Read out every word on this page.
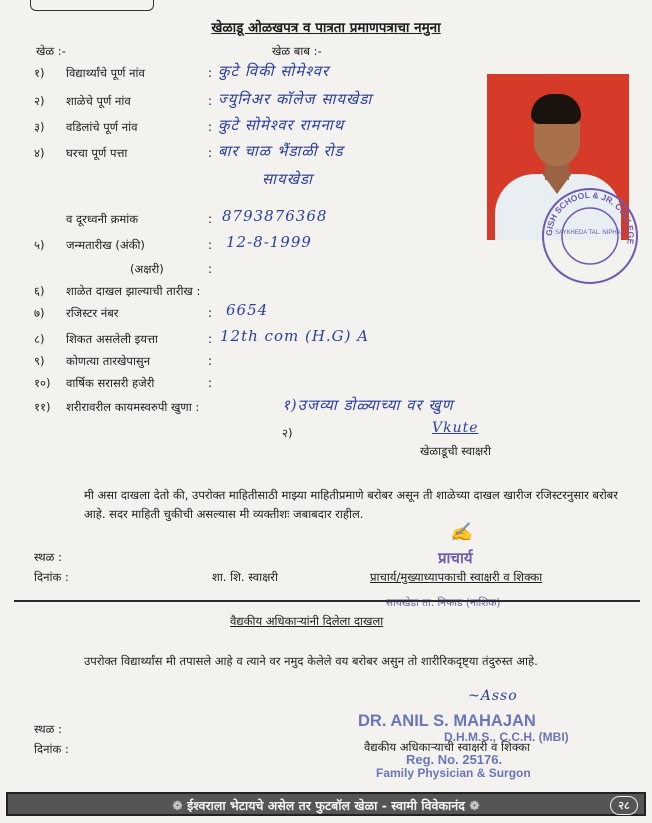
खेळाडू ओळखपत्र व पात्रता प्रमाणपत्राचा नमुना
खेळ :-	खेळ बाब :-
१) विद्यार्थ्यांचे पूर्ण नांव	: कुटे विकी सोमेश्वर
२) शाळेचे पूर्ण नांव	: ज्युनिअर कॉलेज सायखेडा
३) वडिलांचे पूर्ण नांव	: कुटे सोमेश्वर रामनाथ
४) घरचा पूर्ण पत्ता	: बार चाळ भैंडाळी रोड
सायखेडा
व दूरध्वनी क्रमांक	: 8793876368
५) जन्मतारीख (अंकी)	: 12-8-1999
(अक्षरी)	:
६) शाळेत दाखल झाल्याची तारीख :
७) रजिस्टर नंबर	: 6654
८) शिकत असलेली इयत्ता	: 12th com (H.G) A
९) कोणत्या तारखेपासुन	:
१०) वार्षिक सरासरी हजेरी	:
११) शरीरावरील कायमस्वरुपी खुणा :	१)उजव्या डोळ्याच्या वर खुण
२)
GISH SCHOOL & JR. COLLEGE
SAYKHEDA TAL. NIPHAD
Vkute
खेळाडूची स्वाक्षरी
मी असा दाखला देतो की, उपरोक्त माहितीसाठी माझ्या माहितीप्रमाणे बरोबर असून ती शाळेच्या दाखल खारीज रजिस्टरनुसार बरोबर आहे. सदर माहिती चुकीची असल्यास मी व्यक्तीशः जबाबदार राहील.
✍
प्राचार्य
स्थळ :
दिनांक :	शा. शि. स्वाक्षरी	प्राचार्य/मुख्याध्यापकाची स्वाक्षरी व शिक्का
सायखेडा ता. निफाड (नाशिक)
वैद्यकीय अधिकाऱ्यांनी दिलेला दाखला
उपरोक्त विद्यार्थ्यांस मी तपासले आहे व त्याने वर नमुद केलेले वय बरोबर असुन तो शारीरिकदृष्ट्या तंदुरुस्त आहे.
~Asso
स्थळ :
दिनांक :
DR. ANIL S. MAHAJAN
D.H.M.S., C.C.H. (MBI)
वैद्यकीय अधिकाऱ्याची स्वाक्षरी व शिक्का
Reg. No. 25176.
Family Physician & Surgon
❁ ईश्वराला भेटायचे असेल तर फुटबॉल खेळा - स्वामी विवेकानंद ❁	२८
